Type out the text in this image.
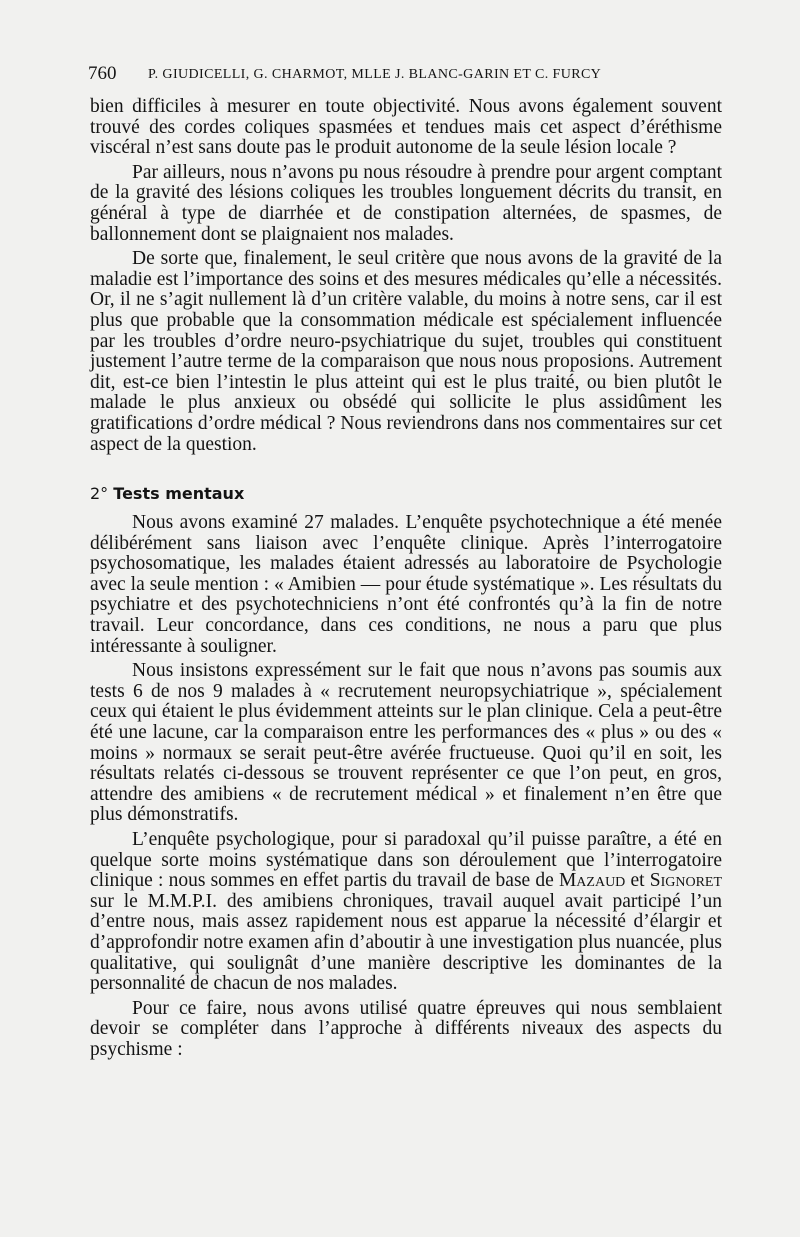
760 P. GIUDICELLI, G. CHARMOT, MLLE J. BLANC-GARIN ET C. FURCY

bien difficiles à mesurer en toute objectivité. Nous avons également souvent trouvé des cordes coliques spasmées et tendues mais cet aspect d’éréthisme viscéral n’est sans doute pas le produit autonome de la seule lésion locale ?

Par ailleurs, nous n’avons pu nous résoudre à prendre pour argent comptant de la gravité des lésions coliques les troubles longuement décrits du transit, en général à type de diarrhée et de constipation alternées, de spasmes, de ballonnement dont se plaignaient nos malades.

De sorte que, finalement, le seul critère que nous avons de la gravité de la maladie est l’importance des soins et des mesures médicales qu’elle a nécessités. Or, il ne s’agit nullement là d’un critère valable, du moins à notre sens, car il est plus que probable que la consommation médicale est spécialement influencée par les troubles d’ordre neuro-psychiatrique du sujet, troubles qui constituent justement l’autre terme de la comparaison que nous nous proposions. Autrement dit, est-ce bien l’intestin le plus atteint qui est le plus traité, ou bien plutôt le malade le plus anxieux ou obsédé qui sollicite le plus assidûment les gratifications d’ordre médical ? Nous reviendrons dans nos commentaires sur cet aspect de la question.

2° Tests mentaux

Nous avons examiné 27 malades. L’enquête psychotechnique a été menée délibérément sans liaison avec l’enquête clinique. Après l’interrogatoire psychosomatique, les malades étaient adressés au laboratoire de Psychologie avec la seule mention : « Amibien — pour étude systématique ». Les résultats du psychiatre et des psychotechniciens n’ont été confrontés qu’à la fin de notre travail. Leur concordance, dans ces conditions, ne nous a paru que plus intéressante à souligner.

Nous insistons expressément sur le fait que nous n’avons pas soumis aux tests 6 de nos 9 malades à « recrutement neuropsychiatrique », spécialement ceux qui étaient le plus évidemment atteints sur le plan clinique. Cela a peut-être été une lacune, car la comparaison entre les performances des « plus » ou des « moins » normaux se serait peut-être avérée fructueuse. Quoi qu’il en soit, les résultats relatés ci-dessous se trouvent représenter ce que l’on peut, en gros, attendre des amibiens « de recrutement médical » et finalement n’en être que plus démonstratifs.

L’enquête psychologique, pour si paradoxal qu’il puisse paraître, a été en quelque sorte moins systématique dans son déroulement que l’interrogatoire clinique : nous sommes en effet partis du travail de base de Mazaud et Signoret sur le M.M.P.I. des amibiens chroniques, travail auquel avait participé l’un d’entre nous, mais assez rapidement nous est apparue la nécessité d’élargir et d’approfondir notre examen afin d’aboutir à une investigation plus nuancée, plus qualitative, qui soulignât d’une manière descriptive les dominantes de la personnalité de chacun de nos malades.

Pour ce faire, nous avons utilisé quatre épreuves qui nous semblaient devoir se compléter dans l’approche à différents niveaux des aspects du psychisme :
